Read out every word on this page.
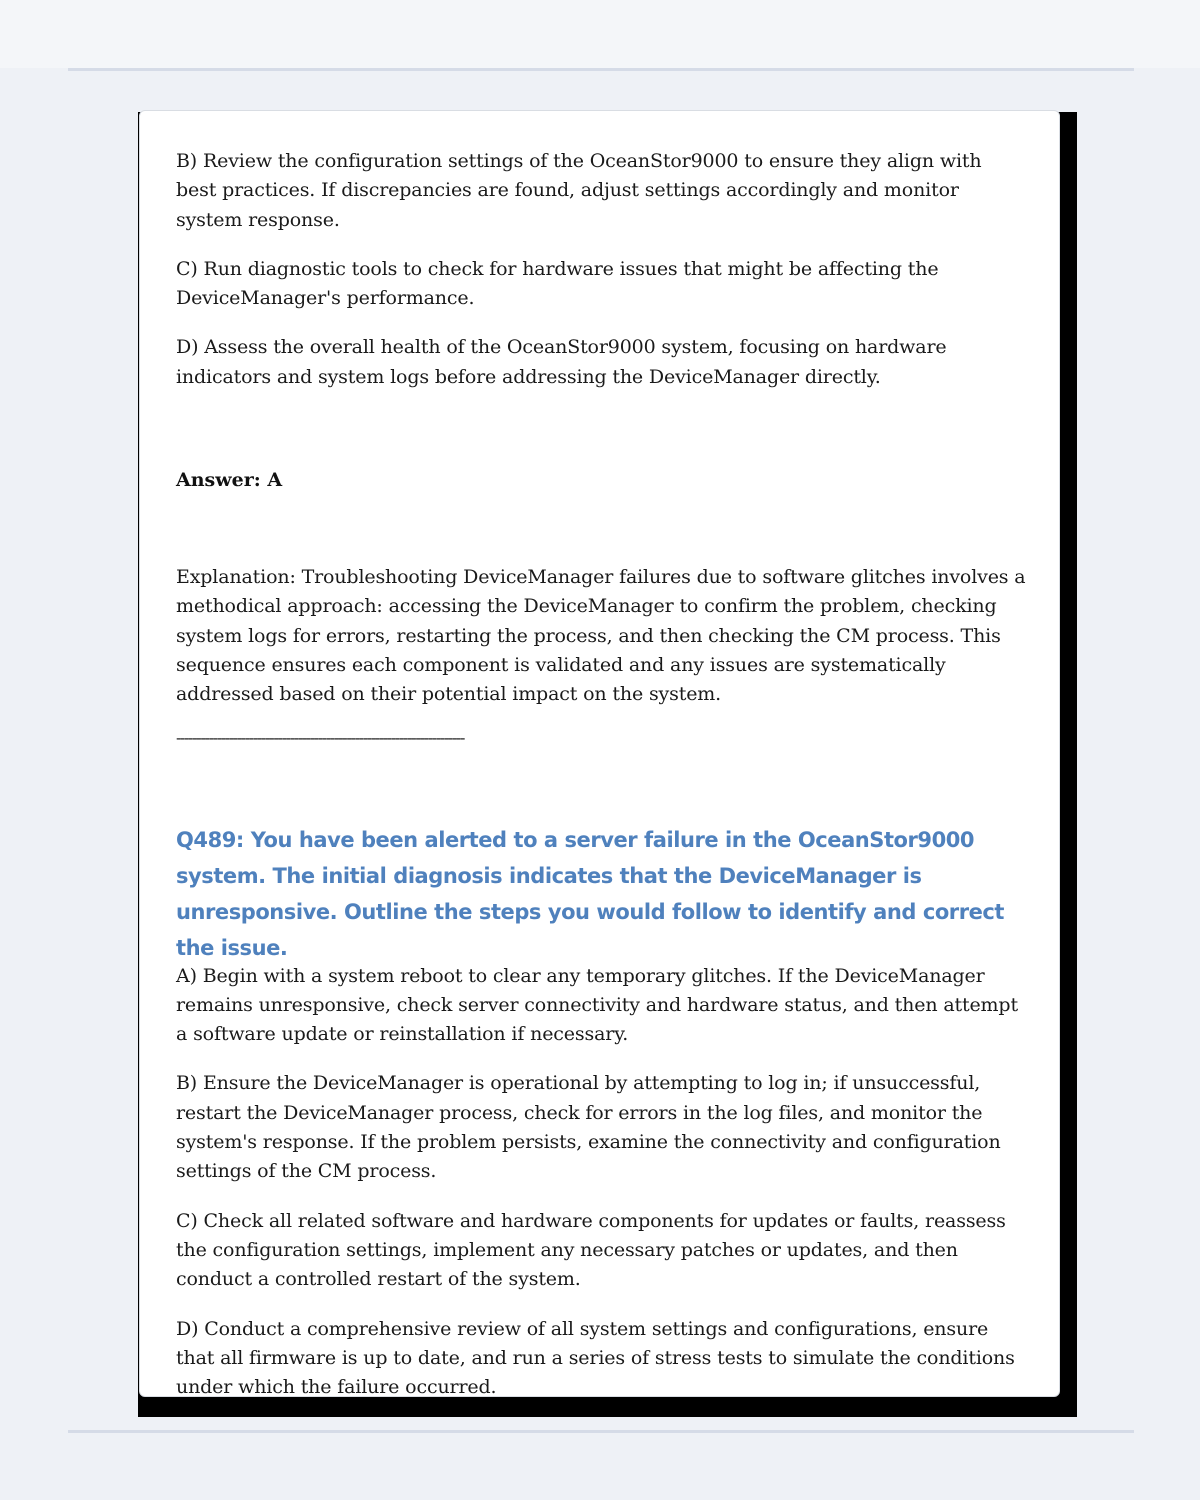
B) Review the configuration settings of the OceanStor9000 to ensure they align with best practices. If discrepancies are found, adjust settings accordingly and monitor system response.

C) Run diagnostic tools to check for hardware issues that might be affecting the DeviceManager's performance.

D) Assess the overall health of the OceanStor9000 system, focusing on hardware indicators and system logs before addressing the DeviceManager directly.

Answer: A

Explanation: Troubleshooting DeviceManager failures due to software glitches involves a methodical approach: accessing the DeviceManager to confirm the problem, checking system logs for errors, restarting the process, and then checking the CM process. This sequence ensures each component is validated and any issues are systematically addressed based on their potential impact on the system.

-----------------------------------------------------------------------

Q489: You have been alerted to a server failure in the OceanStor9000 system. The initial diagnosis indicates that the DeviceManager is unresponsive. Outline the steps you would follow to identify and correct the issue.

A) Begin with a system reboot to clear any temporary glitches. If the DeviceManager remains unresponsive, check server connectivity and hardware status, and then attempt a software update or reinstallation if necessary.

B) Ensure the DeviceManager is operational by attempting to log in; if unsuccessful, restart the DeviceManager process, check for errors in the log files, and monitor the system's response. If the problem persists, examine the connectivity and configuration settings of the CM process.

C) Check all related software and hardware components for updates or faults, reassess the configuration settings, implement any necessary patches or updates, and then conduct a controlled restart of the system.

D) Conduct a comprehensive review of all system settings and configurations, ensure that all firmware is up to date, and run a series of stress tests to simulate the conditions under which the failure occurred.
